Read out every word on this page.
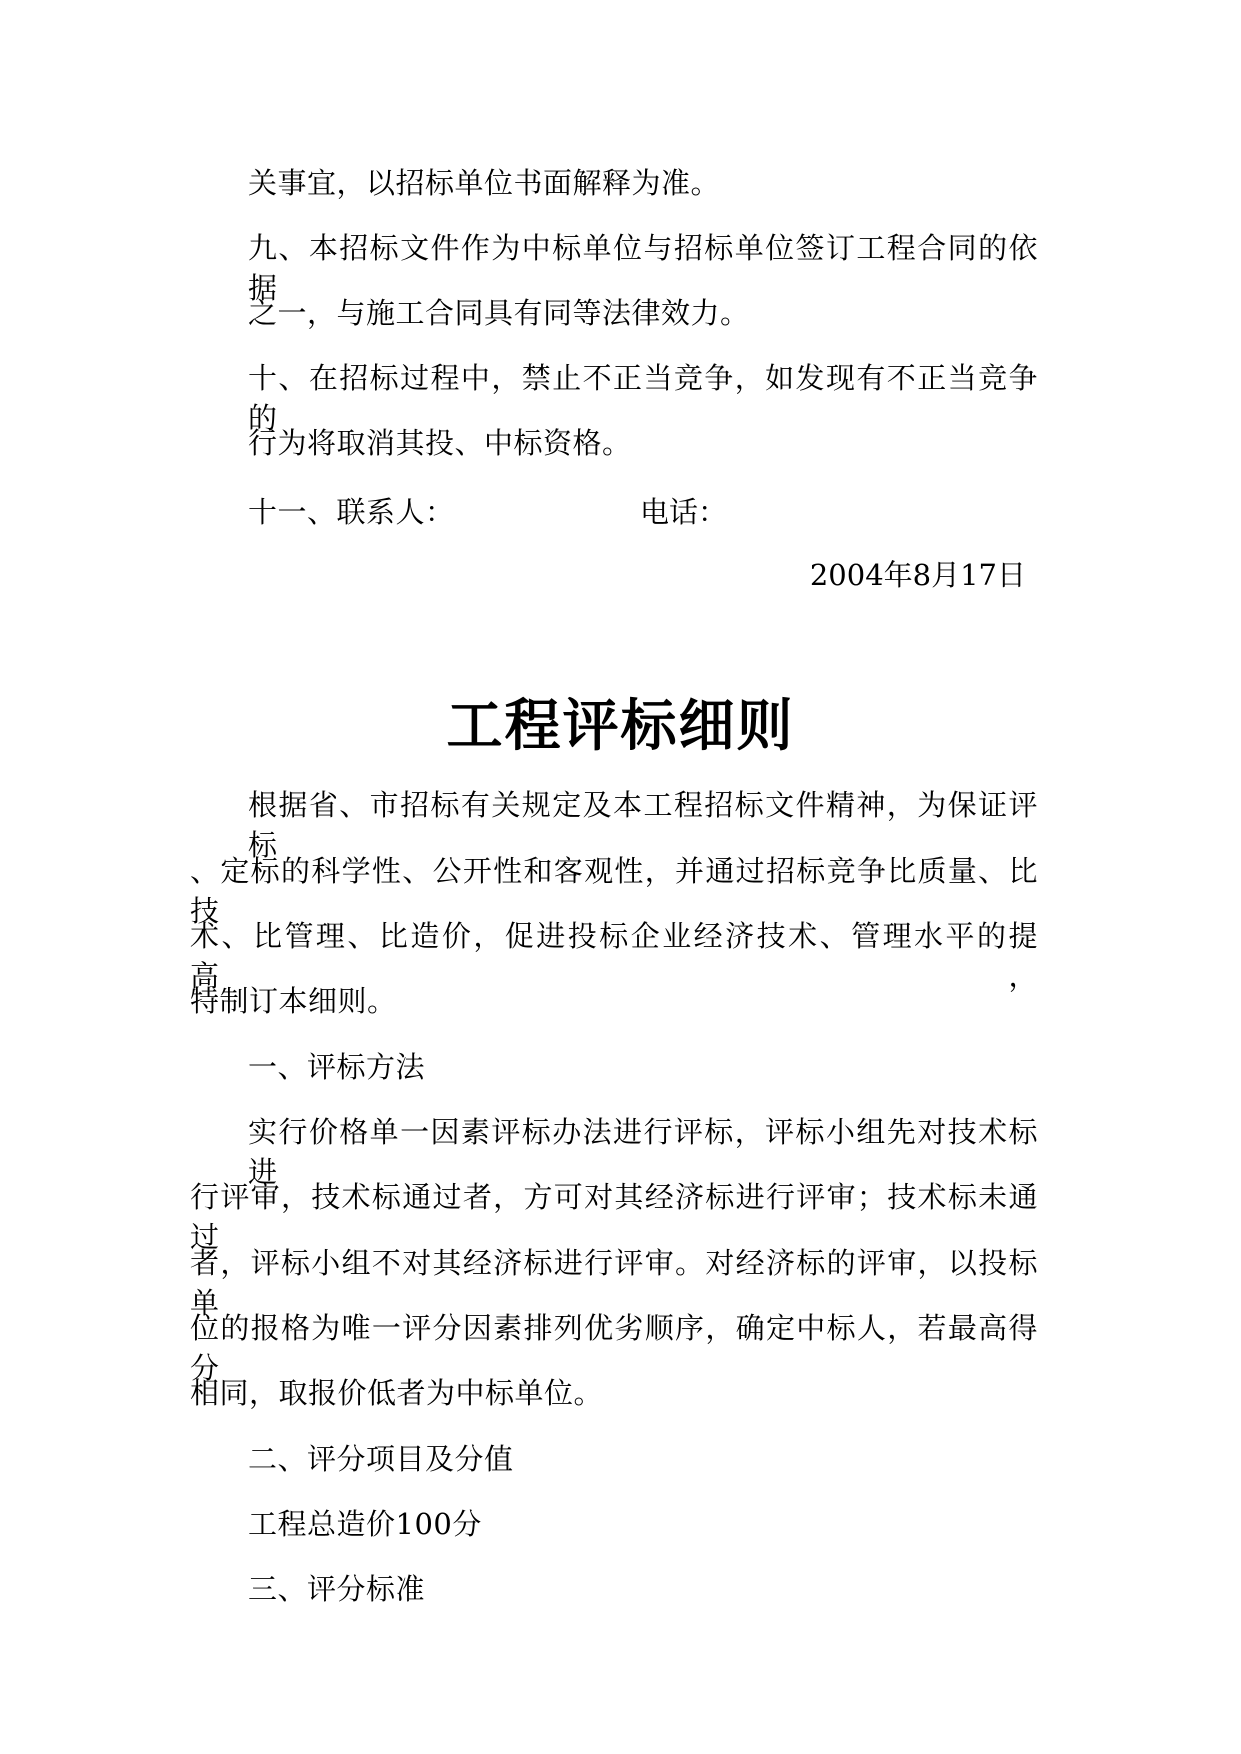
关事宜，以招标单位书面解释为准。
九、本招标文件作为中标单位与招标单位签订工程合同的依据
之一，与施工合同具有同等法律效力。
十、在招标过程中，禁止不正当竞争，如发现有不正当竞争的
行为将取消其投、中标资格。
十一、联系人：	电话：
2004年8月17日
工程评标细则
根据省、市招标有关规定及本工程招标文件精神，为保证评标
、定标的科学性、公开性和客观性，并通过招标竞争比质量、比技
术、比管理、比造价，促进投标企业经济技术、管理水平的提高，
特制订本细则。
一、评标方法
实行价格单一因素评标办法进行评标，评标小组先对技术标进
行评审，技术标通过者，方可对其经济标进行评审；技术标未通过
者，评标小组不对其经济标进行评审。对经济标的评审，以投标单
位的报格为唯一评分因素排列优劣顺序，确定中标人，若最高得分
相同，取报价低者为中标单位。
二、评分项目及分值
工程总造价100分
三、评分标准
